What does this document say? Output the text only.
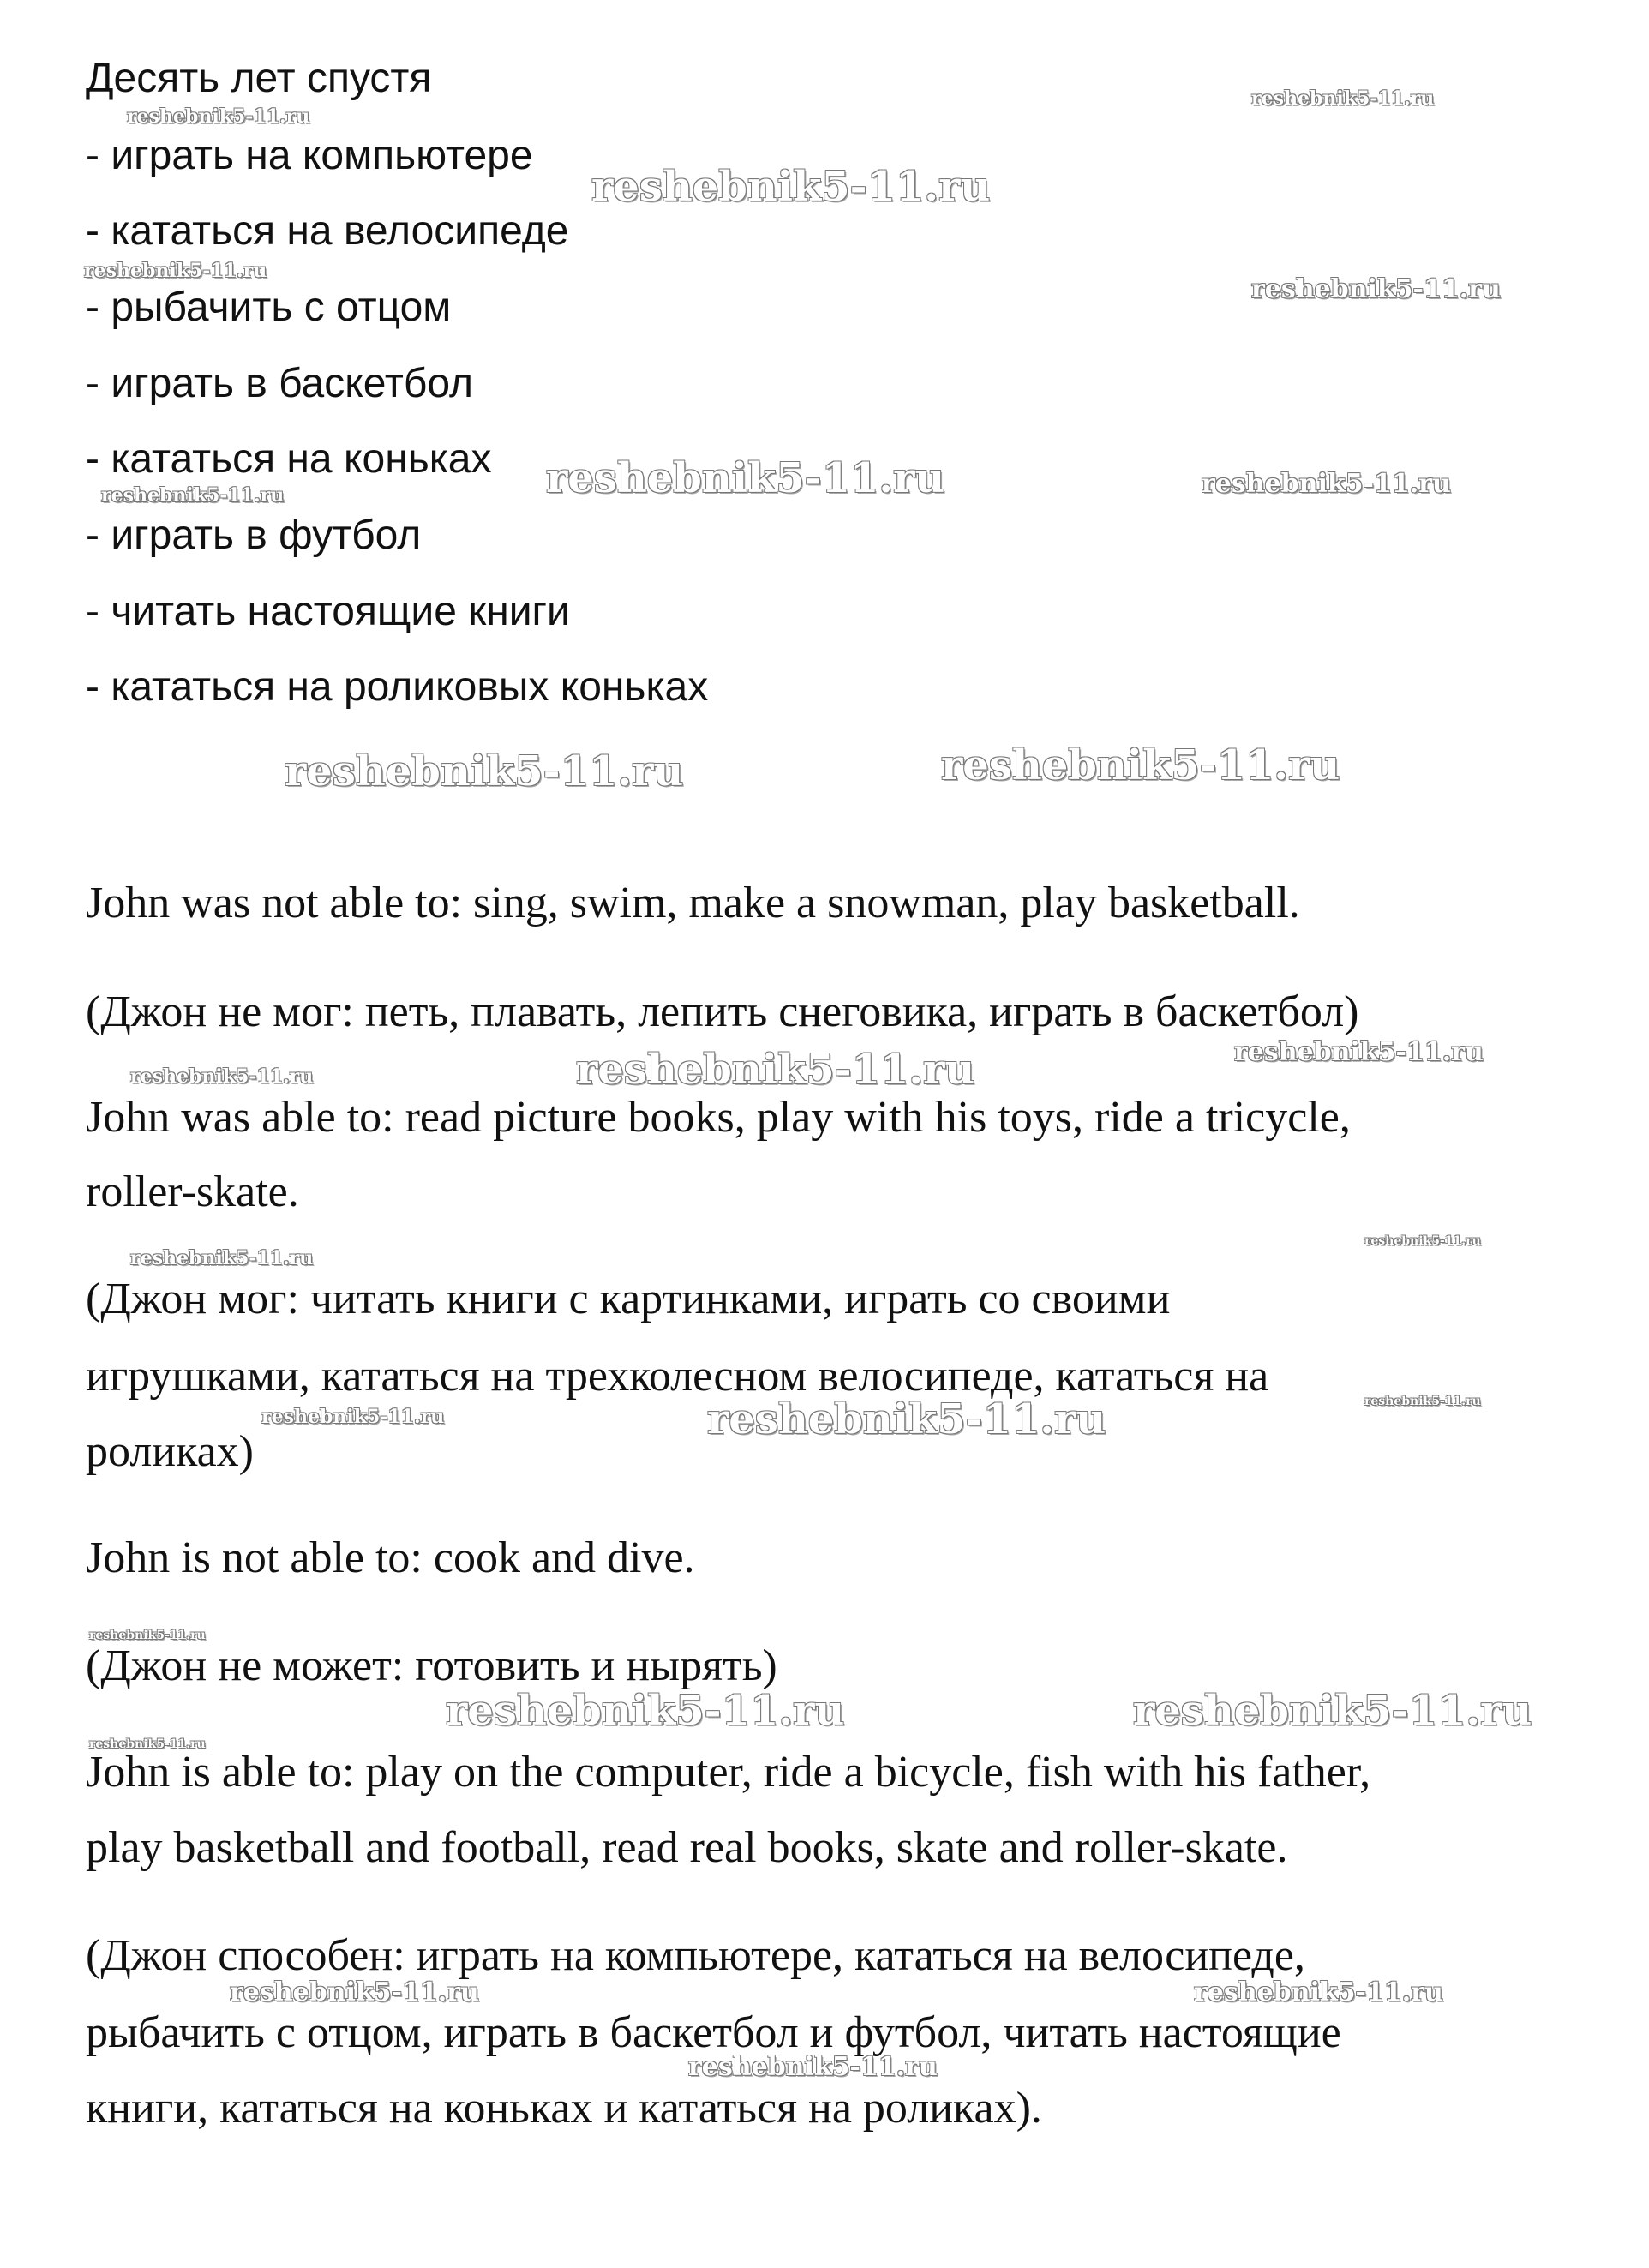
Десять лет спустя

- играть на компьютере

- кататься на велосипеде

- рыбачить с отцом

- играть в баскетбол

- кататься на коньках

- играть в футбол

- читать настоящие книги

- кататься на роликовых коньках

John was not able to: sing, swim, make a snowman, play basketball.

(Джон не мог: петь, плавать, лепить снеговика, играть в баскетбол)

John was able to: read picture books, play with his toys, ride a tricycle,

roller-skate.

(Джон мог: читать книги с картинками, играть со своими

игрушками, кататься на трехколесном велосипеде, кататься на

роликах)

John is not able to: cook and dive.

(Джон не может: готовить и нырять)

John is able to: play on the computer, ride a bicycle, fish with his father,

play basketball and football, read real books, skate and roller-skate.

(Джон способен: играть на компьютере, кататься на велосипеде,

рыбачить с отцом, играть в баскетбол и футбол, читать настоящие

книги, кататься на коньках и кататься на роликах).

reshebnik5-11.ru
reshebnik5-11.ru
reshebnik5-11.ru
reshebnik5-11.ru
reshebnik5-11.ru
reshebnik5-11.ru	reshebnik5-11.ru
reshebnik5-11.ru
reshebnik5-11.ru	reshebnik5-11.ru
reshebnik5-11.ru
reshebnik5-11.ru
reshebnik5-11.ru
reshebnik5-11.ru
reshebnik5-11.ru
reshebnik5-11.ru
reshebnik5-11.ru
reshebnik5-11.ru
reshebnik5-11.ru
reshebnik5-11.ru	reshebnik5-11.ru
reshebnik5-11.ru
reshebnik5-11.ru	reshebnik5-11.ru
reshebnik5-11.ru
